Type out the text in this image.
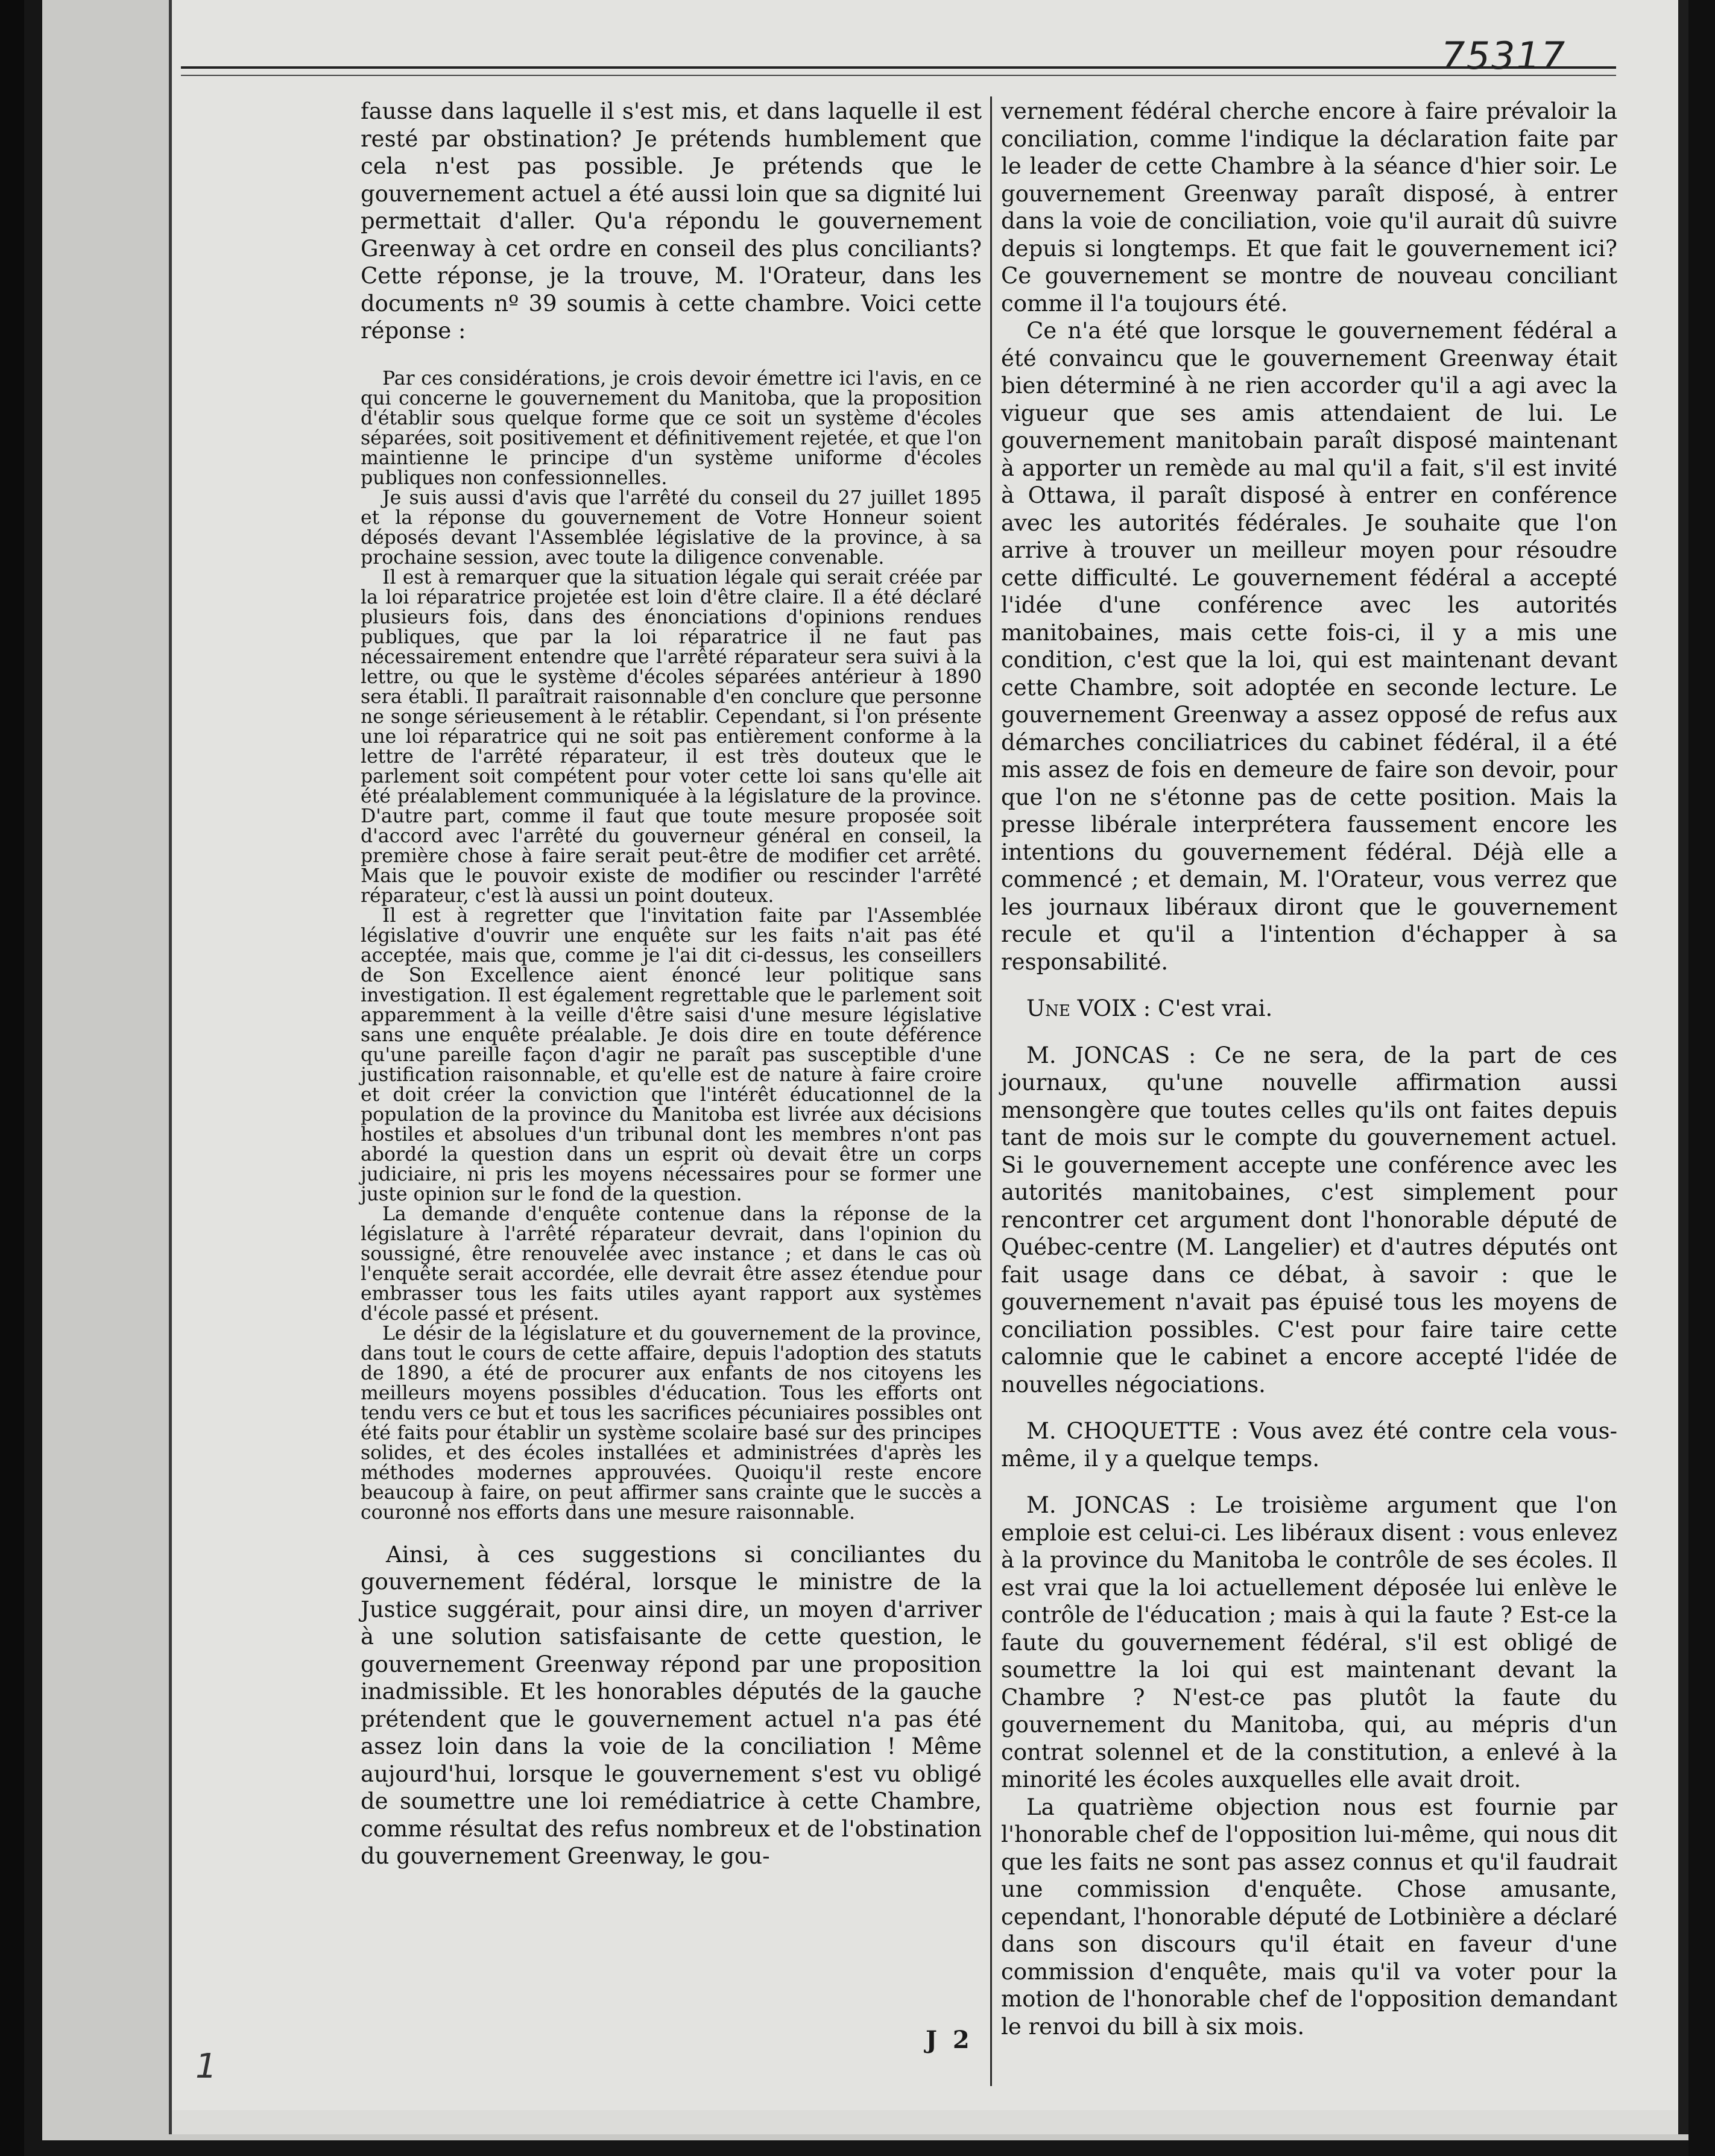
75317

fausse dans laquelle il s'est mis, et dans laquelle il est resté par obstination? Je prétends humblement que cela n'est pas possible. Je prétends que le gouvernement actuel a été aussi loin que sa dignité lui permettait d'aller. Qu'a répondu le gouvernement Greenway à cet ordre en conseil des plus conciliants? Cette réponse, je la trouve, M. l'Orateur, dans les documents nº 39 soumis à cette chambre. Voici cette réponse :

Par ces considérations, je crois devoir émettre ici l'avis, en ce qui concerne le gouvernement du Manitoba, que la proposition d'établir sous quelque forme que ce soit un système d'écoles séparées, soit positivement et définitivement rejetée, et que l'on maintienne le principe d'un système uniforme d'écoles publiques non confessionnelles.

Je suis aussi d'avis que l'arrêté du conseil du 27 juillet 1895 et la réponse du gouvernement de Votre Honneur soient déposés devant l'Assemblée législative de la province, à sa prochaine session, avec toute la diligence convenable.

Il est à remarquer que la situation légale qui serait créée par la loi réparatrice projetée est loin d'être claire. Il a été déclaré plusieurs fois, dans des énonciations d'opinions rendues publiques, que par la loi réparatrice il ne faut pas nécessairement entendre que l'arrêté réparateur sera suivi à la lettre, ou que le système d'écoles séparées antérieur à 1890 sera établi. Il paraîtrait raisonnable d'en conclure que personne ne songe sérieusement à le rétablir. Cependant, si l'on présente une loi réparatrice qui ne soit pas entièrement conforme à la lettre de l'arrêté réparateur, il est très douteux que le parlement soit compétent pour voter cette loi sans qu'elle ait été préalablement communiquée à la législature de la province. D'autre part, comme il faut que toute mesure proposée soit d'accord avec l'arrêté du gouverneur général en conseil, la première chose à faire serait peut-être de modifier cet arrêté. Mais que le pouvoir existe de modifier ou rescinder l'arrêté réparateur, c'est là aussi un point douteux.

Il est à regretter que l'invitation faite par l'Assemblée législative d'ouvrir une enquête sur les faits n'ait pas été acceptée, mais que, comme je l'ai dit ci-dessus, les conseillers de Son Excellence aient énoncé leur politique sans investigation. Il est également regrettable que le parlement soit apparemment à la veille d'être saisi d'une mesure législative sans une enquête préalable. Je dois dire en toute déférence qu'une pareille façon d'agir ne paraît pas susceptible d'une justification raisonnable, et qu'elle est de nature à faire croire et doit créer la conviction que l'intérêt éducationnel de la population de la province du Manitoba est livrée aux décisions hostiles et absolues d'un tribunal dont les membres n'ont pas abordé la question dans un esprit où devait être un corps judiciaire, ni pris les moyens nécessaires pour se former une juste opinion sur le fond de la question.

La demande d'enquête contenue dans la réponse de la législature à l'arrêté réparateur devrait, dans l'opinion du soussigné, être renouvelée avec instance ; et dans le cas où l'enquête serait accordée, elle devrait être assez étendue pour embrasser tous les faits utiles ayant rapport aux systèmes d'école passé et présent.

Le désir de la législature et du gouvernement de la province, dans tout le cours de cette affaire, depuis l'adoption des statuts de 1890, a été de procurer aux enfants de nos citoyens les meilleurs moyens possibles d'éducation. Tous les efforts ont tendu vers ce but et tous les sacrifices pécuniaires possibles ont été faits pour établir un système scolaire basé sur des principes solides, et des écoles installées et administrées d'après les méthodes modernes approuvées. Quoiqu'il reste encore beaucoup à faire, on peut affirmer sans crainte que le succès a couronné nos efforts dans une mesure raisonnable.

Ainsi, à ces suggestions si conciliantes du gouvernement fédéral, lorsque le ministre de la Justice suggérait, pour ainsi dire, un moyen d'arriver à une solution satisfaisante de cette question, le gouvernement Greenway répond par une proposition inadmissible. Et les honorables députés de la gauche prétendent que le gouvernement actuel n'a pas été assez loin dans la voie de la conciliation ! Même aujourd'hui, lorsque le gouvernement s'est vu obligé de soumettre une loi remédiatrice à cette Chambre, comme résultat des refus nombreux et de l'obstination du gouvernement Greenway, le gou-

vernement fédéral cherche encore à faire prévaloir la conciliation, comme l'indique la déclaration faite par le leader de cette Chambre à la séance d'hier soir. Le gouvernement Greenway paraît disposé, à entrer dans la voie de conciliation, voie qu'il aurait dû suivre depuis si longtemps. Et que fait le gouvernement ici? Ce gouvernement se montre de nouveau conciliant comme il l'a toujours été.

Ce n'a été que lorsque le gouvernement fédéral a été convaincu que le gouvernement Greenway était bien déterminé à ne rien accorder qu'il a agi avec la vigueur que ses amis attendaient de lui. Le gouvernement manitobain paraît disposé maintenant à apporter un remède au mal qu'il a fait, s'il est invité à Ottawa, il paraît disposé à entrer en conférence avec les autorités fédérales. Je souhaite que l'on arrive à trouver un meilleur moyen pour résoudre cette difficulté. Le gouvernement fédéral a accepté l'idée d'une conférence avec les autorités manitobaines, mais cette fois-ci, il y a mis une condition, c'est que la loi, qui est maintenant devant cette Chambre, soit adoptée en seconde lecture. Le gouvernement Greenway a assez opposé de refus aux démarches conciliatrices du cabinet fédéral, il a été mis assez de fois en demeure de faire son devoir, pour que l'on ne s'étonne pas de cette position. Mais la presse libérale interprétera faussement encore les intentions du gouvernement fédéral. Déjà elle a commencé ; et demain, M. l'Orateur, vous verrez que les journaux libéraux diront que le gouvernement recule et qu'il a l'intention d'échapper à sa responsabilité.

Une VOIX : C'est vrai.

M. JONCAS : Ce ne sera, de la part de ces journaux, qu'une nouvelle affirmation aussi mensongère que toutes celles qu'ils ont faites depuis tant de mois sur le compte du gouvernement actuel. Si le gouvernement accepte une conférence avec les autorités manitobaines, c'est simplement pour rencontrer cet argument dont l'honorable député de Québec-centre (M. Langelier) et d'autres députés ont fait usage dans ce débat, à savoir : que le gouvernement n'avait pas épuisé tous les moyens de conciliation possibles. C'est pour faire taire cette calomnie que le cabinet a encore accepté l'idée de nouvelles négociations.

M. CHOQUETTE : Vous avez été contre cela vous-même, il y a quelque temps.

M. JONCAS : Le troisième argument que l'on emploie est celui-ci. Les libéraux disent : vous enlevez à la province du Manitoba le contrôle de ses écoles. Il est vrai que la loi actuellement déposée lui enlève le contrôle de l'éducation ; mais à qui la faute ? Est-ce la faute du gouvernement fédéral, s'il est obligé de soumettre la loi qui est maintenant devant la Chambre ? N'est-ce pas plutôt la faute du gouvernement du Manitoba, qui, au mépris d'un contrat solennel et de la constitution, a enlevé à la minorité les écoles auxquelles elle avait droit.

La quatrième objection nous est fournie par l'honorable chef de l'opposition lui-même, qui nous dit que les faits ne sont pas assez connus et qu'il faudrait une commission d'enquête. Chose amusante, cependant, l'honorable député de Lotbinière a déclaré dans son discours qu'il était en faveur d'une commission d'enquête, mais qu'il va voter pour la motion de l'honorable chef de l'opposition demandant le renvoi du bill à six mois.

J 2
1
